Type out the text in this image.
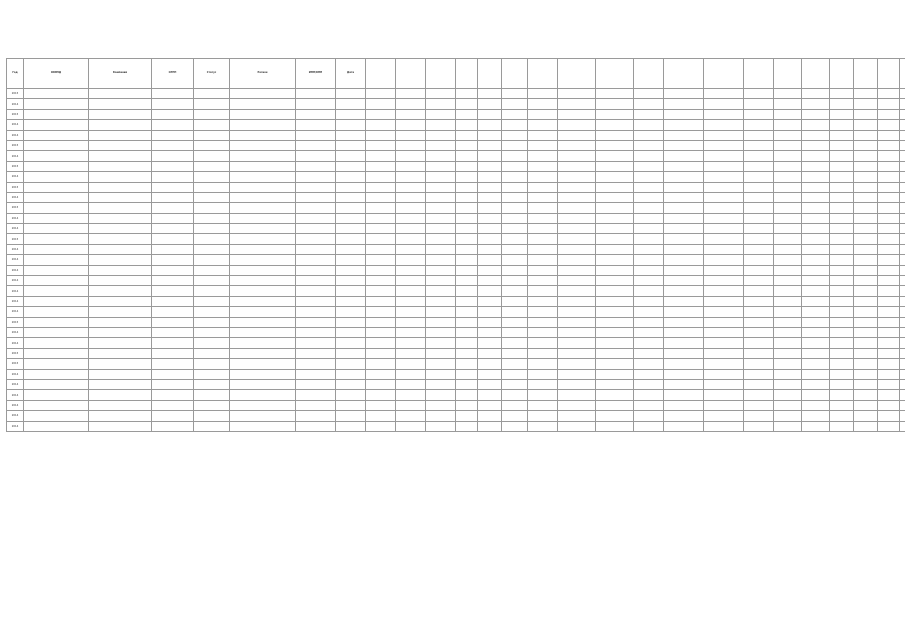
Год	ОКВЭД	Компания	ОГРН	Статус	Регион	ИНН/КПП	Дата																					
2015																												
2014																												
2015																												
2014																												
2014																												
2015																												
2014																												
2015																												
2014																												
2015																												
2014																												
2015																												
2014																												
2014																												
2015																												
2014																												
2014																												
2014																												
2014																												
2014																												
2014																												
2014																												
2015																												
2014																												
2014																												
2015																												
2015																												
2014																												
2014																												
2014																												
2014																												
2014																												
2014																												
